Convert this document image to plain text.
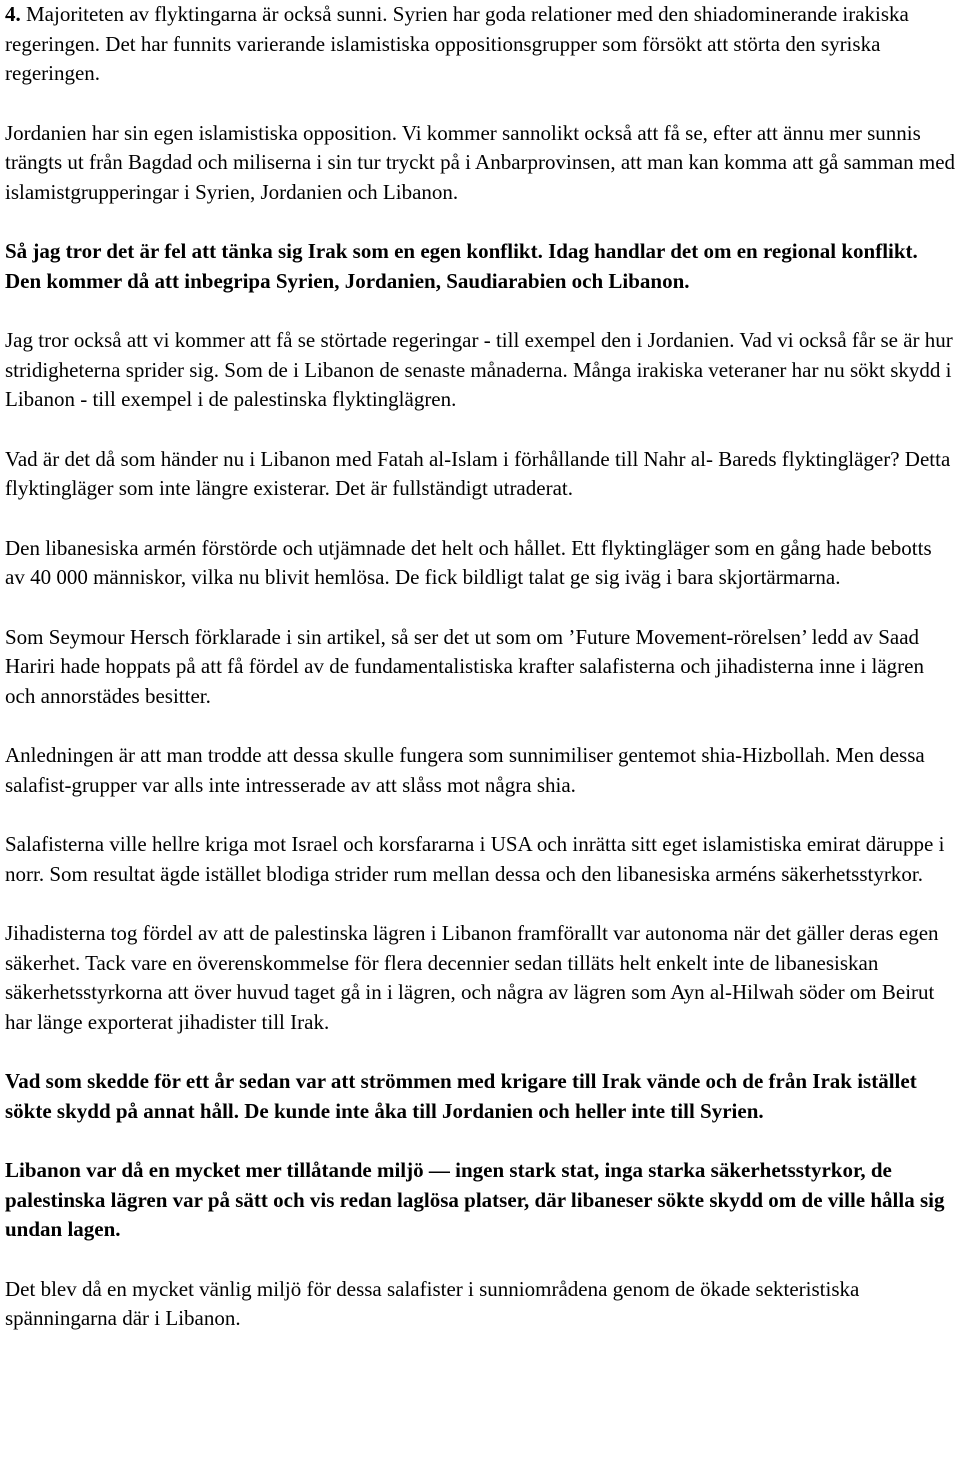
4. Majoriteten av flyktingarna är också sunni. Syrien har goda relationer med den shiadominerande irakiska regeringen. Det har funnits varierande islamistiska oppositionsgrupper som försökt att störta den syriska regeringen.

Jordanien har sin egen islamistiska opposition. Vi kommer sannolikt också att få se, efter att ännu mer sunnis trängts ut från Bagdad och miliserna i sin tur tryckt på i Anbarprovinsen, att man kan komma att gå samman med islamistgrupperingar i Syrien, Jordanien och Libanon.

Så jag tror det är fel att tänka sig Irak som en egen konflikt. Idag handlar det om en regional konflikt. Den kommer då att inbegripa Syrien, Jordanien, Saudiarabien och Libanon.

Jag tror också att vi kommer att få se störtade regeringar - till exempel den i Jordanien. Vad vi också får se är hur stridigheterna sprider sig. Som de i Libanon de senaste månaderna. Många irakiska veteraner har nu sökt skydd i Libanon - till exempel i de palestinska flyktinglägren.

Vad är det då som händer nu i Libanon med Fatah al-Islam i förhållande till Nahr al- Bareds flyktingläger? Detta flyktingläger som inte längre existerar. Det är fullständigt utraderat.

Den libanesiska armén förstörde och utjämnade det helt och hållet. Ett flyktingläger som en gång hade bebotts av 40 000 människor, vilka nu blivit hemlösa. De fick bildligt talat ge sig iväg i bara skjortärmarna.

Som Seymour Hersch förklarade i sin artikel, så ser det ut som om ’Future Movement-rörelsen’ ledd av Saad Hariri hade hoppats på att få fördel av de fundamentalistiska krafter salafisterna och jihadisterna inne i lägren och annorstädes besitter.

Anledningen är att man trodde att dessa skulle fungera som sunnimiliser gentemot shia-Hizbollah. Men dessa salafist-grupper var alls inte intresserade av att slåss mot några shia.

Salafisterna ville hellre kriga mot Israel och korsfararna i USA och inrätta sitt eget islamistiska emirat däruppe i norr. Som resultat ägde istället blodiga strider rum mellan dessa och den libanesiska arméns säkerhetsstyrkor.

Jihadisterna tog fördel av att de palestinska lägren i Libanon framförallt var autonoma när det gäller deras egen säkerhet. Tack vare en överenskommelse för flera decennier sedan tilläts helt enkelt inte de libanesiskan säkerhetsstyrkorna att över huvud taget gå in i lägren, och några av lägren som Ayn al-Hilwah söder om Beirut har länge exporterat jihadister till Irak.

Vad som skedde för ett år sedan var att strömmen med krigare till Irak vände och de från Irak istället sökte skydd på annat håll. De kunde inte åka till Jordanien och heller inte till Syrien.

Libanon var då en mycket mer tillåtande miljö — ingen stark stat, inga starka säkerhetsstyrkor, de palestinska lägren var på sätt och vis redan laglösa platser, där libaneser sökte skydd om de ville hålla sig undan lagen.

Det blev då en mycket vänlig miljö för dessa salafister i sunniområdena genom de ökade sekteristiska spänningarna där i Libanon.
